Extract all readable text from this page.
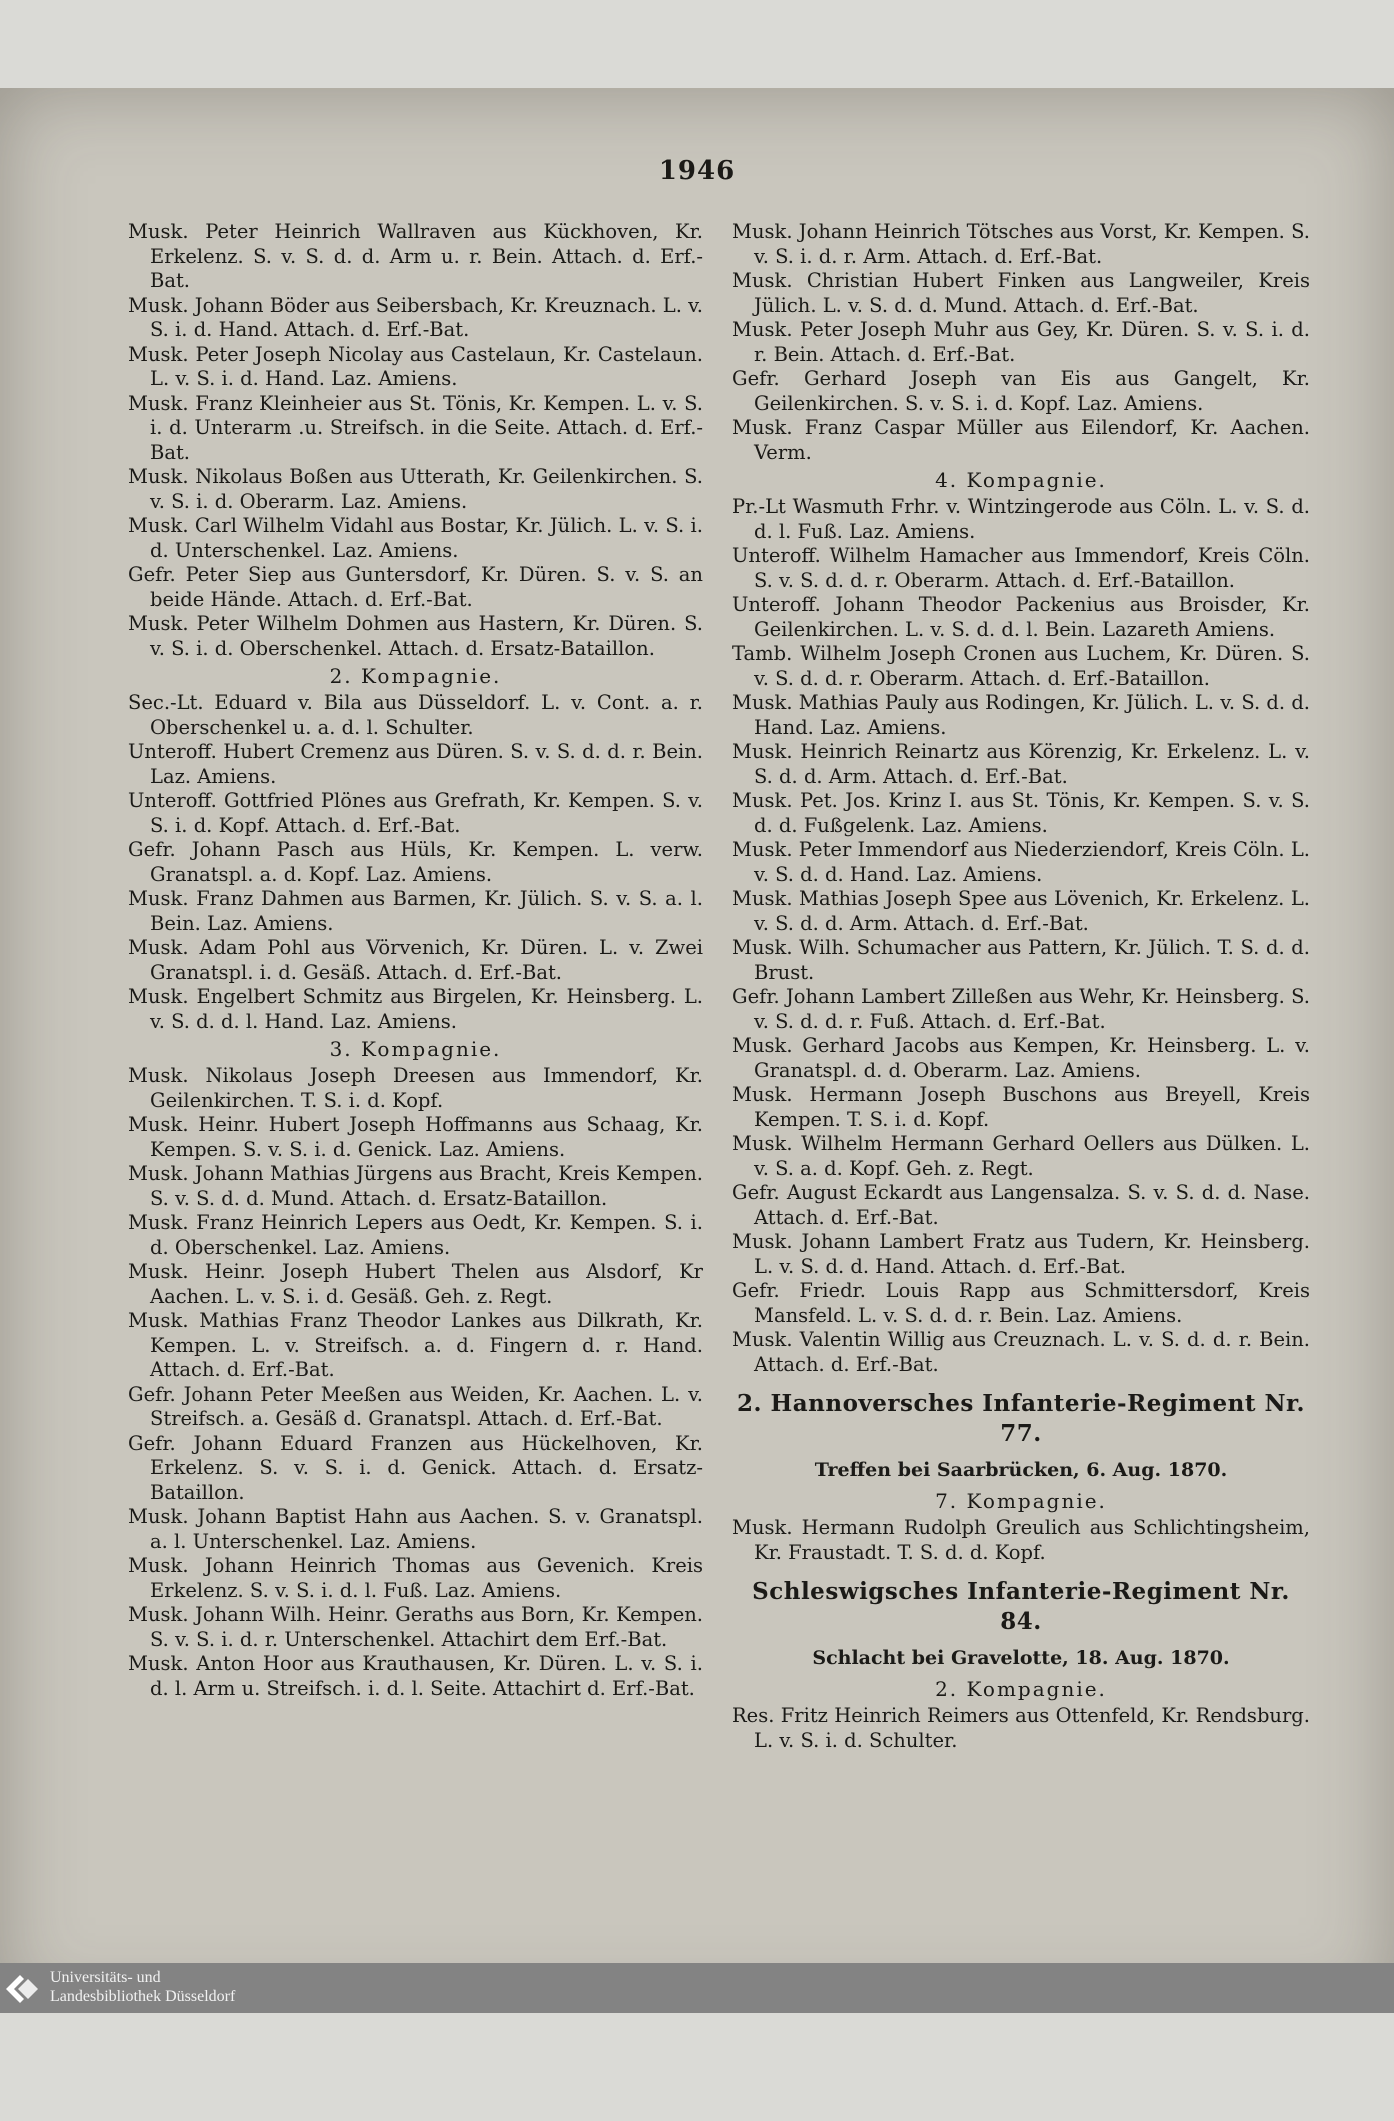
1946

Musk. Peter Heinrich Wallraven aus Kückhoven, Kr. Erkelenz. S. v. S. d. d. Arm u. r. Bein. Attach. d. Erf.-Bat.

Musk. Johann Böder aus Seibersbach, Kr. Kreuznach. L. v. S. i. d. Hand. Attach. d. Erf.-Bat.

Musk. Peter Joseph Nicolay aus Castelaun, Kr. Castelaun. L. v. S. i. d. Hand. Laz. Amiens.

Musk. Franz Kleinheier aus St. Tönis, Kr. Kempen. L. v. S. i. d. Unterarm .u. Streifsch. in die Seite. Attach. d. Erf.-Bat.

Musk. Nikolaus Boßen aus Utterath, Kr. Geilenkirchen. S. v. S. i. d. Oberarm. Laz. Amiens.

Musk. Carl Wilhelm Vidahl aus Bostar, Kr. Jülich. L. v. S. i. d. Unterschenkel. Laz. Amiens.

Gefr. Peter Siep aus Guntersdorf, Kr. Düren. S. v. S. an beide Hände. Attach. d. Erf.-Bat.

Musk. Peter Wilhelm Dohmen aus Hastern, Kr. Düren. S. v. S. i. d. Oberschenkel. Attach. d. Ersatz-Bataillon.

2. Kompagnie.

Sec.-Lt. Eduard v. Bila aus Düsseldorf. L. v. Cont. a. r. Oberschenkel u. a. d. l. Schulter.

Unteroff. Hubert Cremenz aus Düren. S. v. S. d. d. r. Bein. Laz. Amiens.

Unteroff. Gottfried Plönes aus Grefrath, Kr. Kempen. S. v. S. i. d. Kopf. Attach. d. Erf.-Bat.

Gefr. Johann Pasch aus Hüls, Kr. Kempen. L. verw. Granatspl. a. d. Kopf. Laz. Amiens.

Musk. Franz Dahmen aus Barmen, Kr. Jülich. S. v. S. a. l. Bein. Laz. Amiens.

Musk. Adam Pohl aus Vörvenich, Kr. Düren. L. v. Zwei Granatspl. i. d. Gesäß. Attach. d. Erf.-Bat.

Musk. Engelbert Schmitz aus Birgelen, Kr. Heinsberg. L. v. S. d. d. l. Hand. Laz. Amiens.

3. Kompagnie.

Musk. Nikolaus Joseph Dreesen aus Immendorf, Kr. Geilenkirchen. T. S. i. d. Kopf.

Musk. Heinr. Hubert Joseph Hoffmanns aus Schaag, Kr. Kempen. S. v. S. i. d. Genick. Laz. Amiens.

Musk. Johann Mathias Jürgens aus Bracht, Kreis Kempen. S. v. S. d. d. Mund. Attach. d. Ersatz-Bataillon.

Musk. Franz Heinrich Lepers aus Oedt, Kr. Kempen. S. i. d. Oberschenkel. Laz. Amiens.

Musk. Heinr. Joseph Hubert Thelen aus Alsdorf, Kr Aachen. L. v. S. i. d. Gesäß. Geh. z. Regt.

Musk. Mathias Franz Theodor Lankes aus Dilkrath, Kr. Kempen. L. v. Streifsch. a. d. Fingern d. r. Hand. Attach. d. Erf.-Bat.

Gefr. Johann Peter Meeßen aus Weiden, Kr. Aachen. L. v. Streifsch. a. Gesäß d. Granatspl. Attach. d. Erf.-Bat.

Gefr. Johann Eduard Franzen aus Hückelhoven, Kr. Erkelenz. S. v. S. i. d. Genick. Attach. d. Ersatz-Bataillon.

Musk. Johann Baptist Hahn aus Aachen. S. v. Granatspl. a. l. Unterschenkel. Laz. Amiens.

Musk. Johann Heinrich Thomas aus Gevenich. Kreis Erkelenz. S. v. S. i. d. l. Fuß. Laz. Amiens.

Musk. Johann Wilh. Heinr. Geraths aus Born, Kr. Kempen. S. v. S. i. d. r. Unterschenkel. Attachirt dem Erf.-Bat.

Musk. Anton Hoor aus Krauthausen, Kr. Düren. L. v. S. i. d. l. Arm u. Streifsch. i. d. l. Seite. Attachirt d. Erf.-Bat.

Musk. Johann Heinrich Tötsches aus Vorst, Kr. Kempen. S. v. S. i. d. r. Arm. Attach. d. Erf.-Bat.

Musk. Christian Hubert Finken aus Langweiler, Kreis Jülich. L. v. S. d. d. Mund. Attach. d. Erf.-Bat.

Musk. Peter Joseph Muhr aus Gey, Kr. Düren. S. v. S. i. d. r. Bein. Attach. d. Erf.-Bat.

Gefr. Gerhard Joseph van Eis aus Gangelt, Kr. Geilenkirchen. S. v. S. i. d. Kopf. Laz. Amiens.

Musk. Franz Caspar Müller aus Eilendorf, Kr. Aachen. Verm.

4. Kompagnie.

Pr.-Lt Wasmuth Frhr. v. Wintzingerode aus Cöln. L. v. S. d. d. l. Fuß. Laz. Amiens.

Unteroff. Wilhelm Hamacher aus Immendorf, Kreis Cöln. S. v. S. d. d. r. Oberarm. Attach. d. Erf.-Bataillon.

Unteroff. Johann Theodor Packenius aus Broisder, Kr. Geilenkirchen. L. v. S. d. d. l. Bein. Lazareth Amiens.

Tamb. Wilhelm Joseph Cronen aus Luchem, Kr. Düren. S. v. S. d. d. r. Oberarm. Attach. d. Erf.-Bataillon.

Musk. Mathias Pauly aus Rodingen, Kr. Jülich. L. v. S. d. d. Hand. Laz. Amiens.

Musk. Heinrich Reinartz aus Körenzig, Kr. Erkelenz. L. v. S. d. d. Arm. Attach. d. Erf.-Bat.

Musk. Pet. Jos. Krinz I. aus St. Tönis, Kr. Kempen. S. v. S. d. d. Fußgelenk. Laz. Amiens.

Musk. Peter Immendorf aus Niederziendorf, Kreis Cöln. L. v. S. d. d. Hand. Laz. Amiens.

Musk. Mathias Joseph Spee aus Lövenich, Kr. Erkelenz. L. v. S. d. d. Arm. Attach. d. Erf.-Bat.

Musk. Wilh. Schumacher aus Pattern, Kr. Jülich. T. S. d. d. Brust.

Gefr. Johann Lambert Zilleßen aus Wehr, Kr. Heinsberg. S. v. S. d. d. r. Fuß. Attach. d. Erf.-Bat.

Musk. Gerhard Jacobs aus Kempen, Kr. Heinsberg. L. v. Granatspl. d. d. Oberarm. Laz. Amiens.

Musk. Hermann Joseph Buschons aus Breyell, Kreis Kempen. T. S. i. d. Kopf.

Musk. Wilhelm Hermann Gerhard Oellers aus Dülken. L. v. S. a. d. Kopf. Geh. z. Regt.

Gefr. August Eckardt aus Langensalza. S. v. S. d. d. Nase. Attach. d. Erf.-Bat.

Musk. Johann Lambert Fratz aus Tudern, Kr. Heinsberg. L. v. S. d. d. Hand. Attach. d. Erf.-Bat.

Gefr. Friedr. Louis Rapp aus Schmittersdorf, Kreis Mansfeld. L. v. S. d. d. r. Bein. Laz. Amiens.

Musk. Valentin Willig aus Creuznach. L. v. S. d. d. r. Bein. Attach. d. Erf.-Bat.

2. Hannoversches Infanterie-Regiment Nr. 77.

Treffen bei Saarbrücken, 6. Aug. 1870.

7. Kompagnie.

Musk. Hermann Rudolph Greulich aus Schlichtingsheim, Kr. Fraustadt. T. S. d. d. Kopf.

Schleswigsches Infanterie-Regiment Nr. 84.

Schlacht bei Gravelotte, 18. Aug. 1870.

2. Kompagnie.

Res. Fritz Heinrich Reimers aus Ottenfeld, Kr. Rendsburg. L. v. S. i. d. Schulter.

Universitäts- und
Landesbibliothek Düsseldorf
